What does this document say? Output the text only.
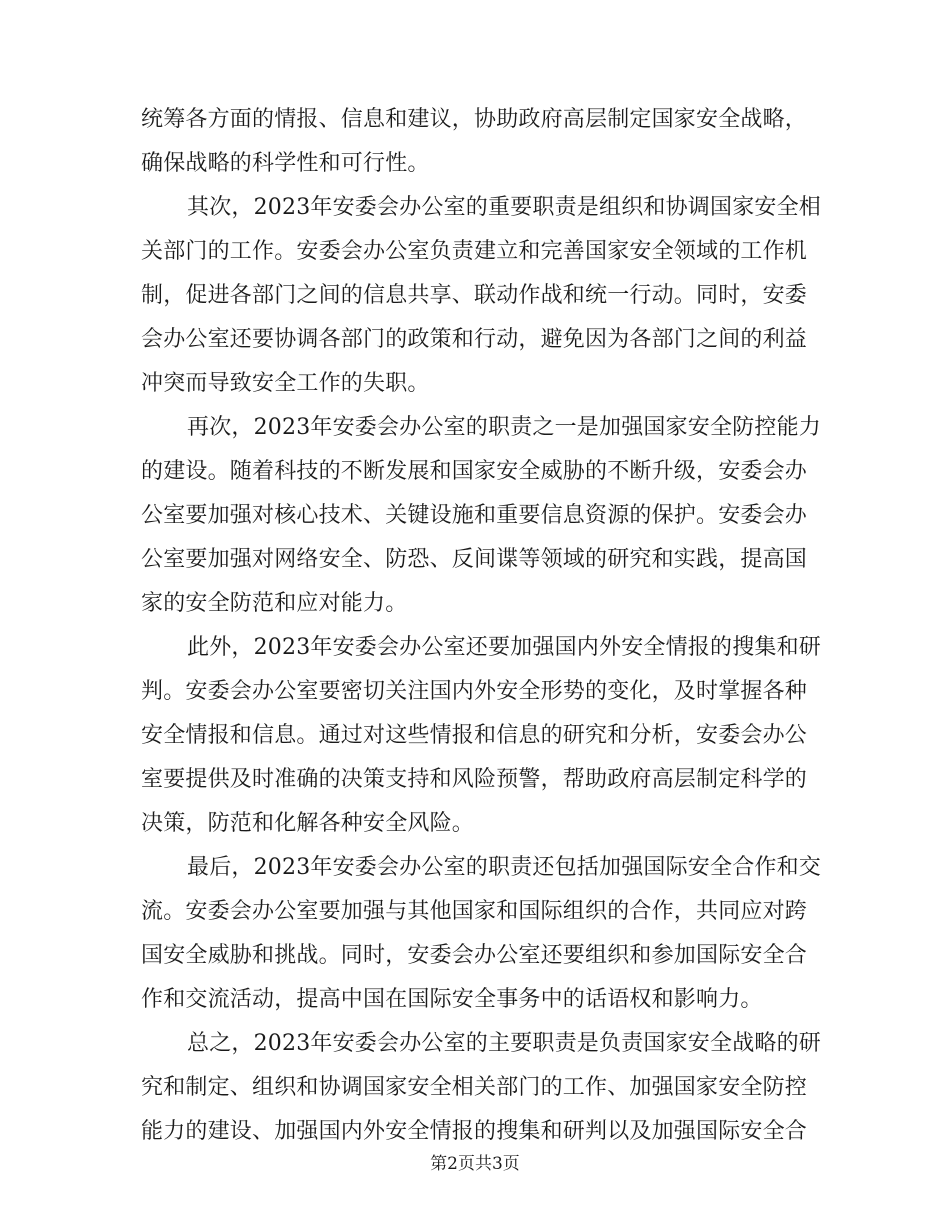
统筹各方面的情报、信息和建议，协助政府高层制定国家安全战略，
确保战略的科学性和可行性。
其次，2023年安委会办公室的重要职责是组织和协调国家安全相
关部门的工作。安委会办公室负责建立和完善国家安全领域的工作机
制，促进各部门之间的信息共享、联动作战和统一行动。同时，安委
会办公室还要协调各部门的政策和行动，避免因为各部门之间的利益
冲突而导致安全工作的失职。
再次，2023年安委会办公室的职责之一是加强国家安全防控能力
的建设。随着科技的不断发展和国家安全威胁的不断升级，安委会办
公室要加强对核心技术、关键设施和重要信息资源的保护。安委会办
公室要加强对网络安全、防恐、反间谍等领域的研究和实践，提高国
家的安全防范和应对能力。
此外，2023年安委会办公室还要加强国内外安全情报的搜集和研
判。安委会办公室要密切关注国内外安全形势的变化，及时掌握各种
安全情报和信息。通过对这些情报和信息的研究和分析，安委会办公
室要提供及时准确的决策支持和风险预警，帮助政府高层制定科学的
决策，防范和化解各种安全风险。
最后，2023年安委会办公室的职责还包括加强国际安全合作和交
流。安委会办公室要加强与其他国家和国际组织的合作，共同应对跨
国安全威胁和挑战。同时，安委会办公室还要组织和参加国际安全合
作和交流活动，提高中国在国际安全事务中的话语权和影响力。
总之，2023年安委会办公室的主要职责是负责国家安全战略的研
究和制定、组织和协调国家安全相关部门的工作、加强国家安全防控
能力的建设、加强国内外安全情报的搜集和研判以及加强国际安全合
第2页共3页
